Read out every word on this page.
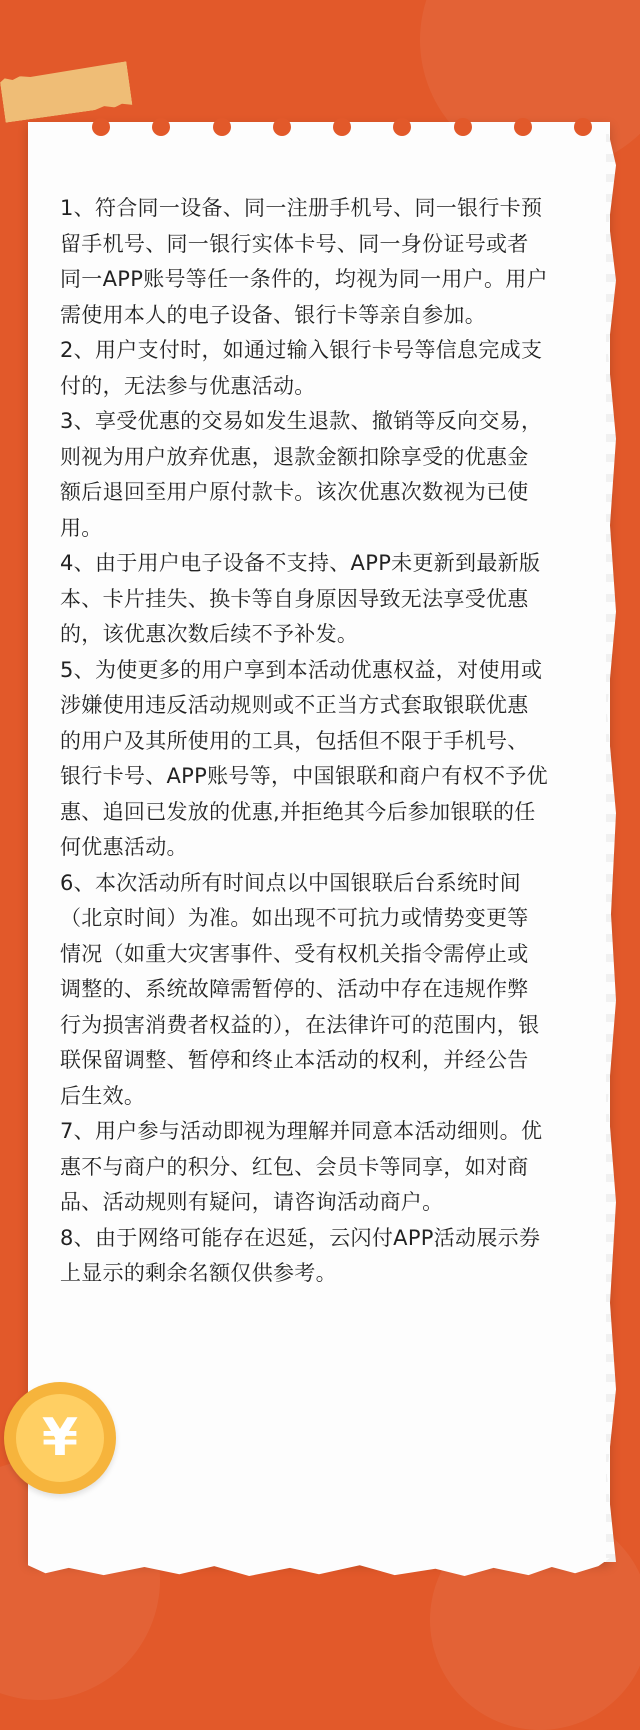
1、符合同一设备、同一注册手机号、同一银行卡预留手机号、同一银行实体卡号、同一身份证号或者同一APP账号等任一条件的，均视为同一用户。用户需使用本人的电子设备、银行卡等亲自参加。
2、用户支付时，如通过输入银行卡号等信息完成支付的，无法参与优惠活动。
3、享受优惠的交易如发生退款、撤销等反向交易，则视为用户放弃优惠，退款金额扣除享受的优惠金额后退回至用户原付款卡。该次优惠次数视为已使用。
4、由于用户电子设备不支持、APP未更新到最新版本、卡片挂失、换卡等自身原因导致无法享受优惠的，该优惠次数后续不予补发。
5、为使更多的用户享到本活动优惠权益，对使用或涉嫌使用违反活动规则或不正当方式套取银联优惠的用户及其所使用的工具，包括但不限于手机号、银行卡号、APP账号等，中国银联和商户有权不予优惠、追回已发放的优惠,并拒绝其今后参加银联的任何优惠活动。
6、本次活动所有时间点以中国银联后台系统时间（北京时间）为准。如出现不可抗力或情势变更等情况（如重大灾害事件、受有权机关指令需停止或调整的、系统故障需暂停的、活动中存在违规作弊行为损害消费者权益的），在法律许可的范围内，银联保留调整、暂停和终止本活动的权利，并经公告后生效。
7、用户参与活动即视为理解并同意本活动细则。优惠不与商户的积分、红包、会员卡等同享，如对商品、活动规则有疑问，请咨询活动商户。
8、由于网络可能存在迟延，云闪付APP活动展示券上显示的剩余名额仅供参考。
¥
